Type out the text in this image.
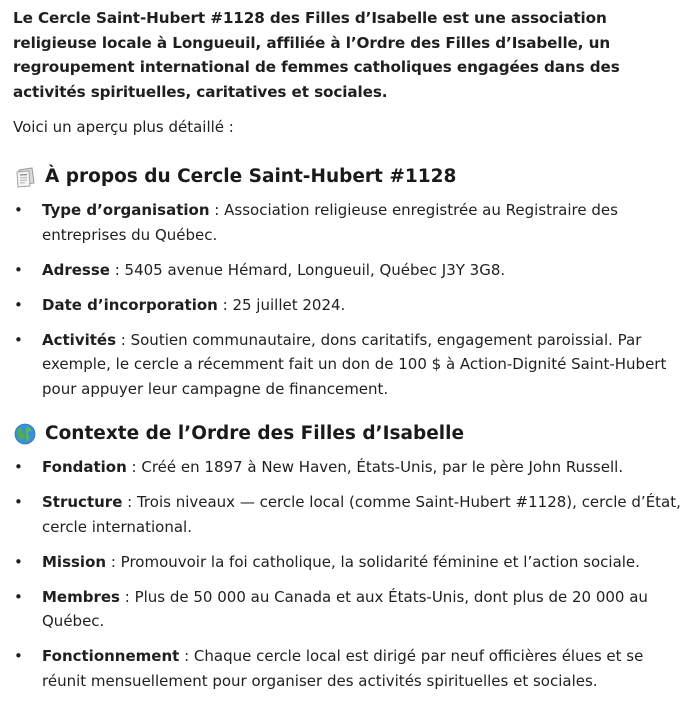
Le Cercle Saint-Hubert #1128 des Filles d’Isabelle est une association religieuse locale à Longueuil, affiliée à l’Ordre des Filles d’Isabelle, un regroupement international de femmes catholiques engagées dans des activités spirituelles, caritatives et sociales.

Voici un aperçu plus détaillé :

À propos du Cercle Saint-Hubert #1128
• Type d’organisation : Association religieuse enregistrée au Registraire des entreprises du Québec.
• Adresse : 5405 avenue Hémard, Longueuil, Québec J3Y 3G8.
• Date d’incorporation : 25 juillet 2024.
• Activités : Soutien communautaire, dons caritatifs, engagement paroissial. Par exemple, le cercle a récemment fait un don de 100 $ à Action-Dignité Saint-Hubert pour appuyer leur campagne de financement.
Contexte de l’Ordre des Filles d’Isabelle
• Fondation : Créé en 1897 à New Haven, États-Unis, par le père John Russell.
• Structure : Trois niveaux — cercle local (comme Saint-Hubert #1128), cercle d’État, cercle international.
• Mission : Promouvoir la foi catholique, la solidarité féminine et l’action sociale.
• Membres : Plus de 50 000 au Canada et aux États-Unis, dont plus de 20 000 au Québec.
• Fonctionnement : Chaque cercle local est dirigé par neuf officières élues et se réunit mensuellement pour organiser des activités spirituelles et sociales.
